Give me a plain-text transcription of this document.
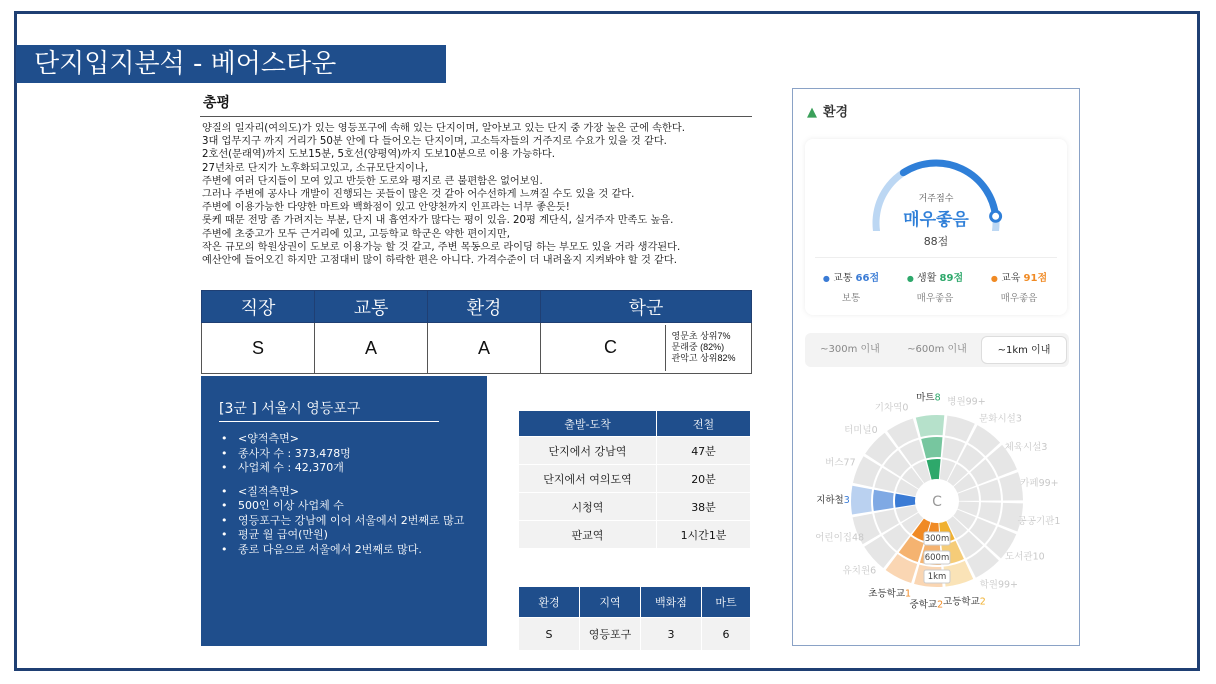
단지입지분석 - 베어스타운
총평
양질의 일자리(여의도)가 있는 영등포구에 속해 있는 단지이며, 알아보고 있는 단지 중 가장 높은 군에 속한다.
3대 업무지구 까지 거리가 50분 안에 다 들어오는 단지이며, 고소득자들의 거주지로 수요가 있을 것 같다.
2호선(문래역)까지 도보15분, 5호선(양평역)까지 도보10분으로 이용 가능하다.
27년차로 단지가 노후화되고있고, 소규모단지이나,
주변에 여러 단지들이 모여 있고 반듯한 도로와 평지로 큰 불편함은 없어보임.
그러나 주변에 공사나 개발이 진행되는 곳들이 많은 것 같아 어수선하게 느껴질 수도 있을 것 같다.
주변에 이용가능한 다양한 마트와 백화점이 있고 안양천까지 인프라는 너무 좋은듯!
롯케 때문 전망 좀 가려지는 부분, 단지 내 흡연자가 많다는 평이 있음. 20평 계단식, 실거주자 만족도 높음.
주변에 초중고가 모두 근거리에 있고, 고등학교 학군은 약한 편이지만,
작은 규모의 학원상권이 도보로 이용가능 할 것 같고, 주변 목동으로 라이딩 하는 부모도 있을 거라 생각된다.
예산안에 들어오긴 하지만 고점대비 많이 하락한 편은 아니다. 가격수준이 더 내려올지 지켜봐야 할 것 같다.
직장	교통	환경	학군
S	A	A	C
영문초 상위7%
문래중 (82%)
관악고 상위82%
[3군 ] 서울시 영등포구
• <양적측면>
• 종사자 수 : 373,478명
• 사업체 수 : 42,370개
• <질적측면>
• 500인 이상 사업체 수
• 영등포구는 강남에 이어 서울에서 2번째로 많고
• 평균 월 급여(만원)
• 종로 다음으로 서울에서 2번째로 많다.
출발-도착	전철
단지에서 강남역	47분
단지에서 여의도역	20분
시청역	38분
판교역	1시간1분
환경	지역	백화점	마트
S	영등포구	3	6
▲ 환경
거주점수
매우좋음
88점
● 교통 66점
보통
● 생활 89점
매우좋음
● 교육 91점
매우좋음
~300m 이내	~600m 이내	~1km 이내
지하철3
버스77
터미널0
기차역0
마트8 병원99+
문화시설3
체육시설3
카페99+
공공기관1
도서관10
학원99+
고등학교2
중학교2
초등학교1
유치원6
어린이집48
C
300m
600m
1km
